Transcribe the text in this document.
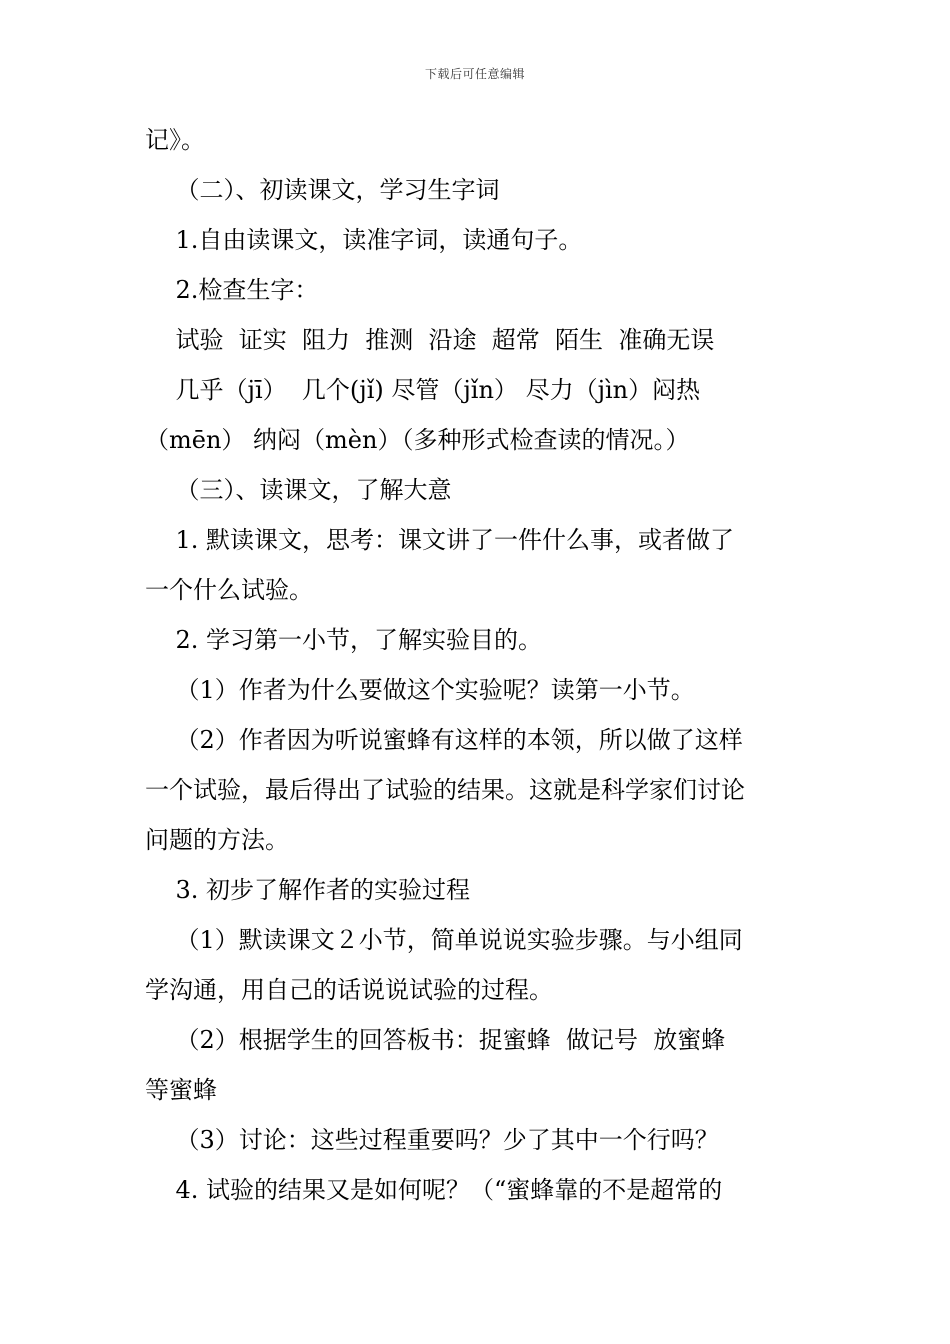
下载后可任意编辑
记》。
（二）、初读课文，学习生字词
1.自由读课文，读准字词，读通句子。
2.检查生字：
试验  证实  阻力  推测  沿途  超常  陌生  准确无误
几乎（jī）  几个(jǐ) 尽管（jǐn） 尽力（jìn）闷热
（mēn） 纳闷（mèn）（多种形式检查读的情况。）
（三）、读课文，了解大意
1. 默读课文，思考：课文讲了一件什么事，或者做了
一个什么试验。
2. 学习第一小节，了解实验目的。
（1）作者为什么要做这个实验呢？读第一小节。
（2）作者因为听说蜜蜂有这样的本领，所以做了这样
一个试验，最后得出了试验的结果。这就是科学家们讨论
问题的方法。
3. 初步了解作者的实验过程
（1）默读课文２小节，简单说说实验步骤。与小组同
学沟通，用自己的话说说试验的过程。
（2）根据学生的回答板书：捉蜜蜂  做记号  放蜜蜂
等蜜蜂
（3）讨论：这些过程重要吗？少了其中一个行吗？
4. 试验的结果又是如何呢？（“蜜蜂靠的不是超常的
